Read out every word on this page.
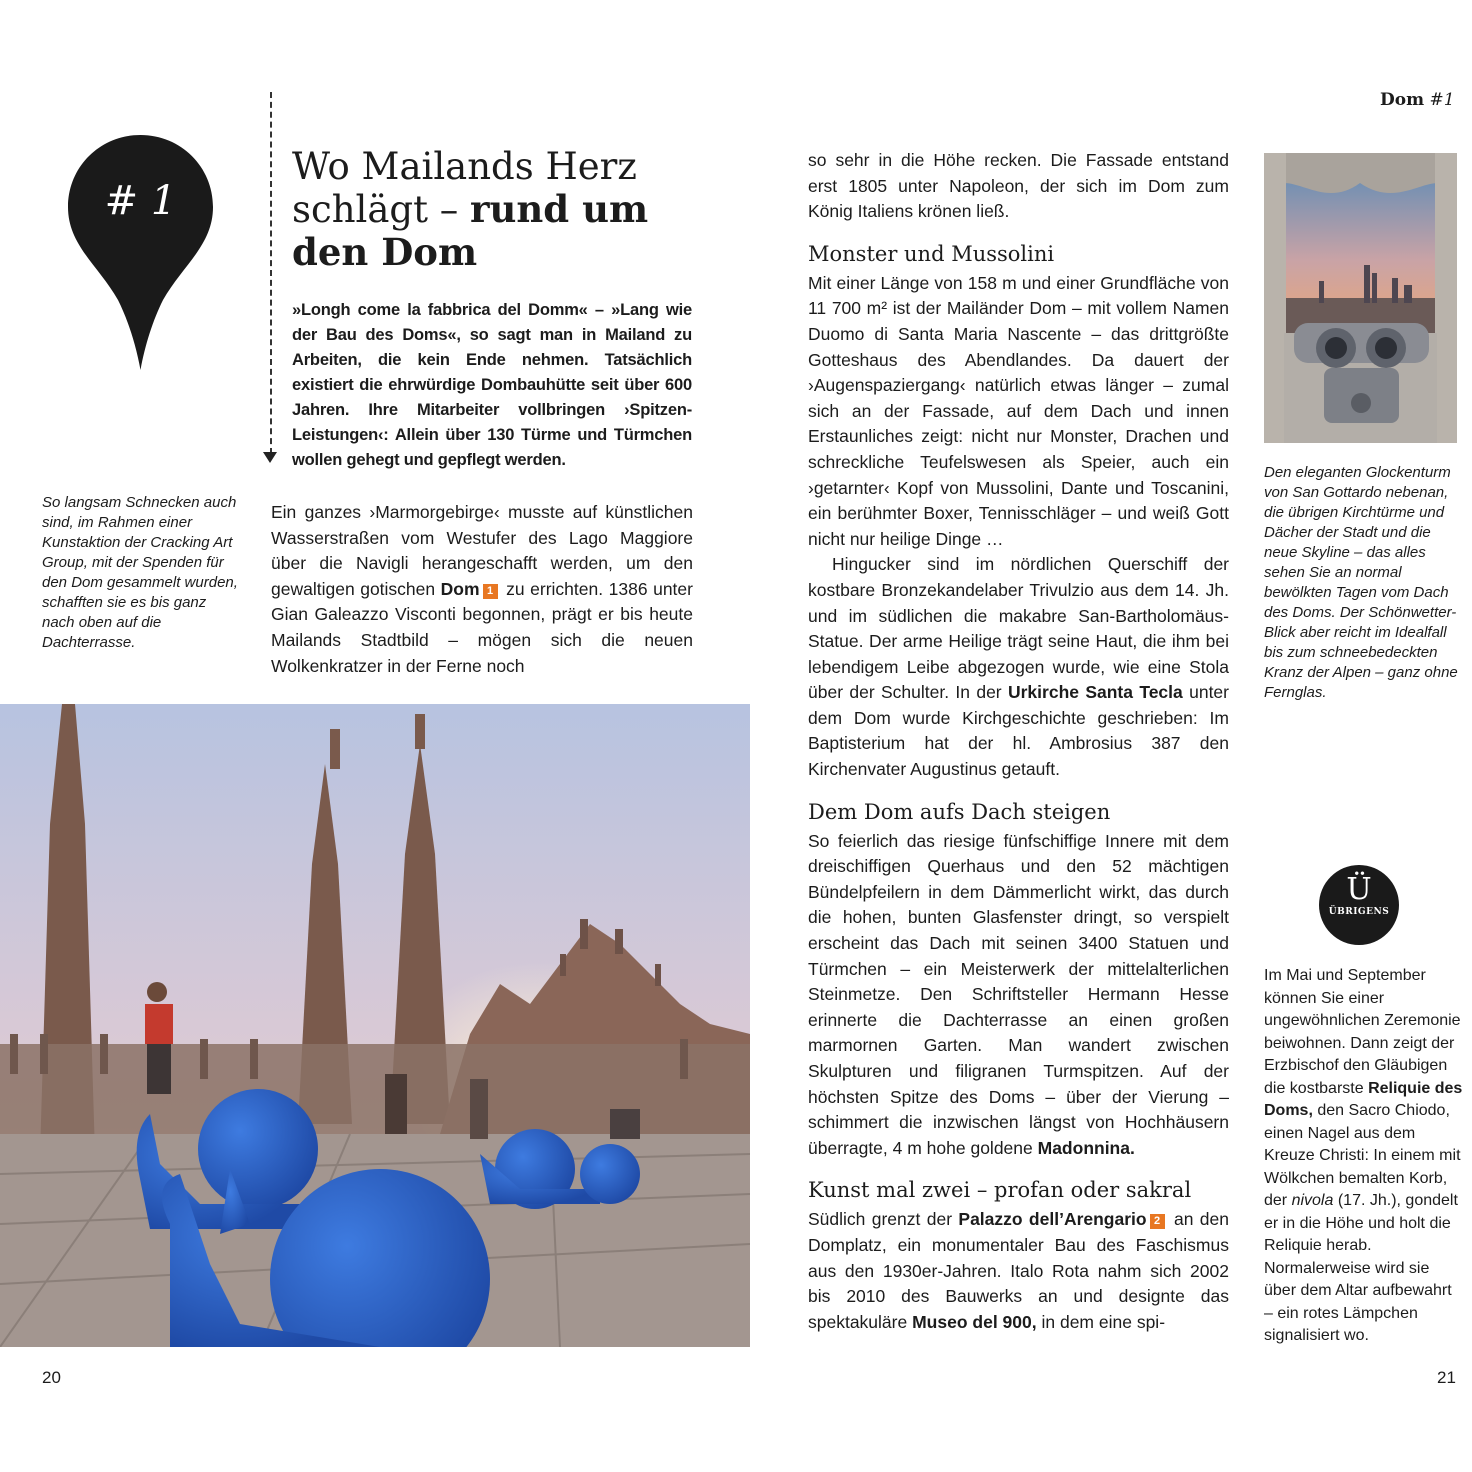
Dom #1
# 1
Wo Mailands Herz schlägt – rund um den Dom
»Longh come la fabbrica del Domm« – »Lang wie der Bau des Doms«, so sagt man in Mailand zu Arbeiten, die kein Ende nehmen. Tatsächlich existiert die ehrwürdige Dombauhütte seit über 600 Jahren. Ihre Mitarbeiter vollbringen ›Spitzen-Leistungen‹: Allein über 130 Türme und Türmchen wollen gehegt und gepflegt werden.
So langsam Schnecken auch sind, im Rahmen einer Kunstaktion der Cracking Art Group, mit der Spenden für den Dom gesammelt wurden, schafften sie es bis ganz nach oben auf die Dachterrasse.
Ein ganzes ›Marmorgebirge‹ musste auf künstlichen Wasserstraßen vom Westufer des Lago Maggiore über die Navigli herangeschafft werden, um den gewaltigen gotischen Dom 1 zu errichten. 1386 unter Gian Galeazzo Visconti begonnen, prägt er bis heute Mailands Stadtbild – mögen sich die neuen Wolkenkratzer in der Ferne noch

so sehr in die Höhe recken. Die Fassade entstand erst 1805 unter Napoleon, der sich im Dom zum König Italiens krönen ließ.

Monster und Mussolini

Mit einer Länge von 158 m und einer Grundfläche von 11 700 m² ist der Mailänder Dom – mit vollem Namen Duomo di Santa Maria Nascente – das drittgrößte Gotteshaus des Abendlandes. Da dauert der ›Augenspaziergang‹ natürlich etwas länger – zumal sich an der Fassade, auf dem Dach und innen Erstaunliches zeigt: nicht nur Monster, Drachen und schreckliche Teufelswesen als Speier, auch ein ›getarnter‹ Kopf von Mussolini, Dante und Toscanini, ein berühmter Boxer, Tennisschläger – und weiß Gott nicht nur heilige Dinge …

Hingucker sind im nördlichen Querschiff der kostbare Bronzekandelaber Trivulzio aus dem 14. Jh. und im südlichen die makabre San-Bartholomäus-Statue. Der arme Heilige trägt seine Haut, die ihm bei lebendigem Leibe abgezogen wurde, wie eine Stola über der Schulter. In der Urkirche Santa Tecla unter dem Dom wurde Kirchgeschichte geschrieben: Im Baptisterium hat der hl. Ambrosius 387 den Kirchenvater Augustinus getauft.

Dem Dom aufs Dach steigen

So feierlich das riesige fünfschiffige Innere mit dem dreischiffigen Querhaus und den 52 mächtigen Bündelpfeilern in dem Dämmerlicht wirkt, das durch die hohen, bunten Glasfenster dringt, so verspielt erscheint das Dach mit seinen 3400 Statuen und Türmchen – ein Meisterwerk der mittelalterlichen Steinmetze. Den Schriftsteller Hermann Hesse erinnerte die Dachterrasse an einen großen marmornen Garten. Man wandert zwischen Skulpturen und filigranen Turmspitzen. Auf der höchsten Spitze des Doms – über der Vierung – schimmert die inzwischen längst von Hochhäusern überragte, 4 m hohe goldene Madonnina.

Kunst mal zwei – profan oder sakral

Südlich grenzt der Palazzo dell’Arengario 2 an den Domplatz, ein monumentaler Bau des Faschismus aus den 1930er-Jahren. Italo Rota nahm sich 2002 bis 2010 des Bauwerks an und designte das spektakuläre Museo del 900, in dem eine spi-

Den eleganten Glockenturm von San Gottardo nebenan, die übrigen Kirchtürme und Dächer der Stadt und die neue Skyline – das alles sehen Sie an normal bewölkten Tagen vom Dach des Doms. Der Schönwetter-Blick aber reicht im Idealfall bis zum schneebedeckten Kranz der Alpen – ganz ohne Fernglas.
Ü
ÜBRIGENS
Im Mai und September können Sie einer ungewöhnlichen Zeremonie beiwohnen. Dann zeigt der Erzbischof den Gläubigen die kostbarste Reliquie des Doms, den Sacro Chiodo, einen Nagel aus dem Kreuze Christi: In einem mit Wölkchen bemalten Korb, der nivola (17. Jh.), gondelt er in die Höhe und holt die Reliquie herab. Normalerweise wird sie über dem Altar aufbewahrt – ein rotes Lämpchen signalisiert wo.
20	21
